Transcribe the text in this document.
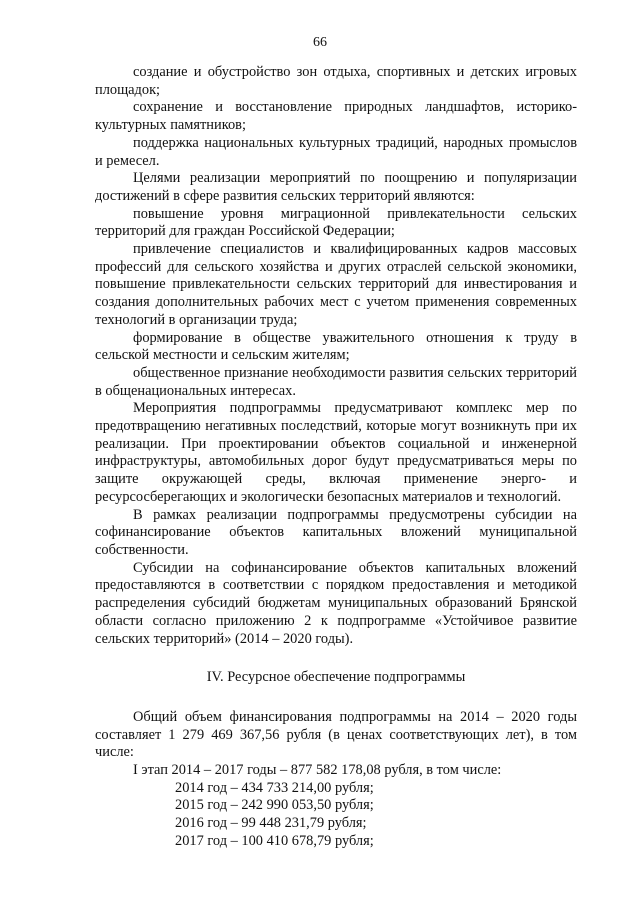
66

создание и обустройство зон отдыха, спортивных и детских игровых площадок;

сохранение и восстановление природных ландшафтов, историко-культурных памятников;

поддержка национальных культурных традиций, народных промыслов и ремесел.

Целями реализации мероприятий по поощрению и популяризации достижений в сфере развития сельских территорий являются:

повышение уровня миграционной привлекательности сельских территорий для граждан Российской Федерации;

привлечение специалистов и квалифицированных кадров массовых профессий для сельского хозяйства и других отраслей сельской экономики, повышение привлекательности сельских территорий для инвестирования и создания дополнительных рабочих мест с учетом применения современных технологий в организации труда;

формирование в обществе уважительного отношения к труду в сельской местности и сельским жителям;

общественное признание необходимости развития сельских территорий в общенациональных интересах.

Мероприятия подпрограммы предусматривают комплекс мер по предотвращению негативных последствий, которые могут возникнуть при их реализации. При проектировании объектов социальной и инженерной инфраструктуры, автомобильных дорог будут предусматриваться меры по защите окружающей среды, включая применение энерго- и ресурсосберегающих и экологически безопасных материалов и технологий.

В рамках реализации подпрограммы предусмотрены субсидии на софинансирование объектов капитальных вложений муниципальной собственности.

Субсидии на софинансирование объектов капитальных вложений предоставляются в соответствии с порядком предоставления и методикой распределения субсидий бюджетам муниципальных образований Брянской области согласно приложению 2 к подпрограмме «Устойчивое развитие сельских территорий» (2014 – 2020 годы).

IV. Ресурсное обеспечение подпрограммы

Общий объем финансирования подпрограммы на 2014 – 2020 годы составляет 1 279 469 367,56 рубля (в ценах соответствующих лет), в том числе:

I этап 2014 – 2017 годы – 877 582 178,08 рубля, в том числе:

2014 год – 434 733 214,00 рубля;

2015 год – 242 990 053,50 рубля;

2016 год – 99 448 231,79 рубля;

2017 год – 100 410 678,79 рубля;
